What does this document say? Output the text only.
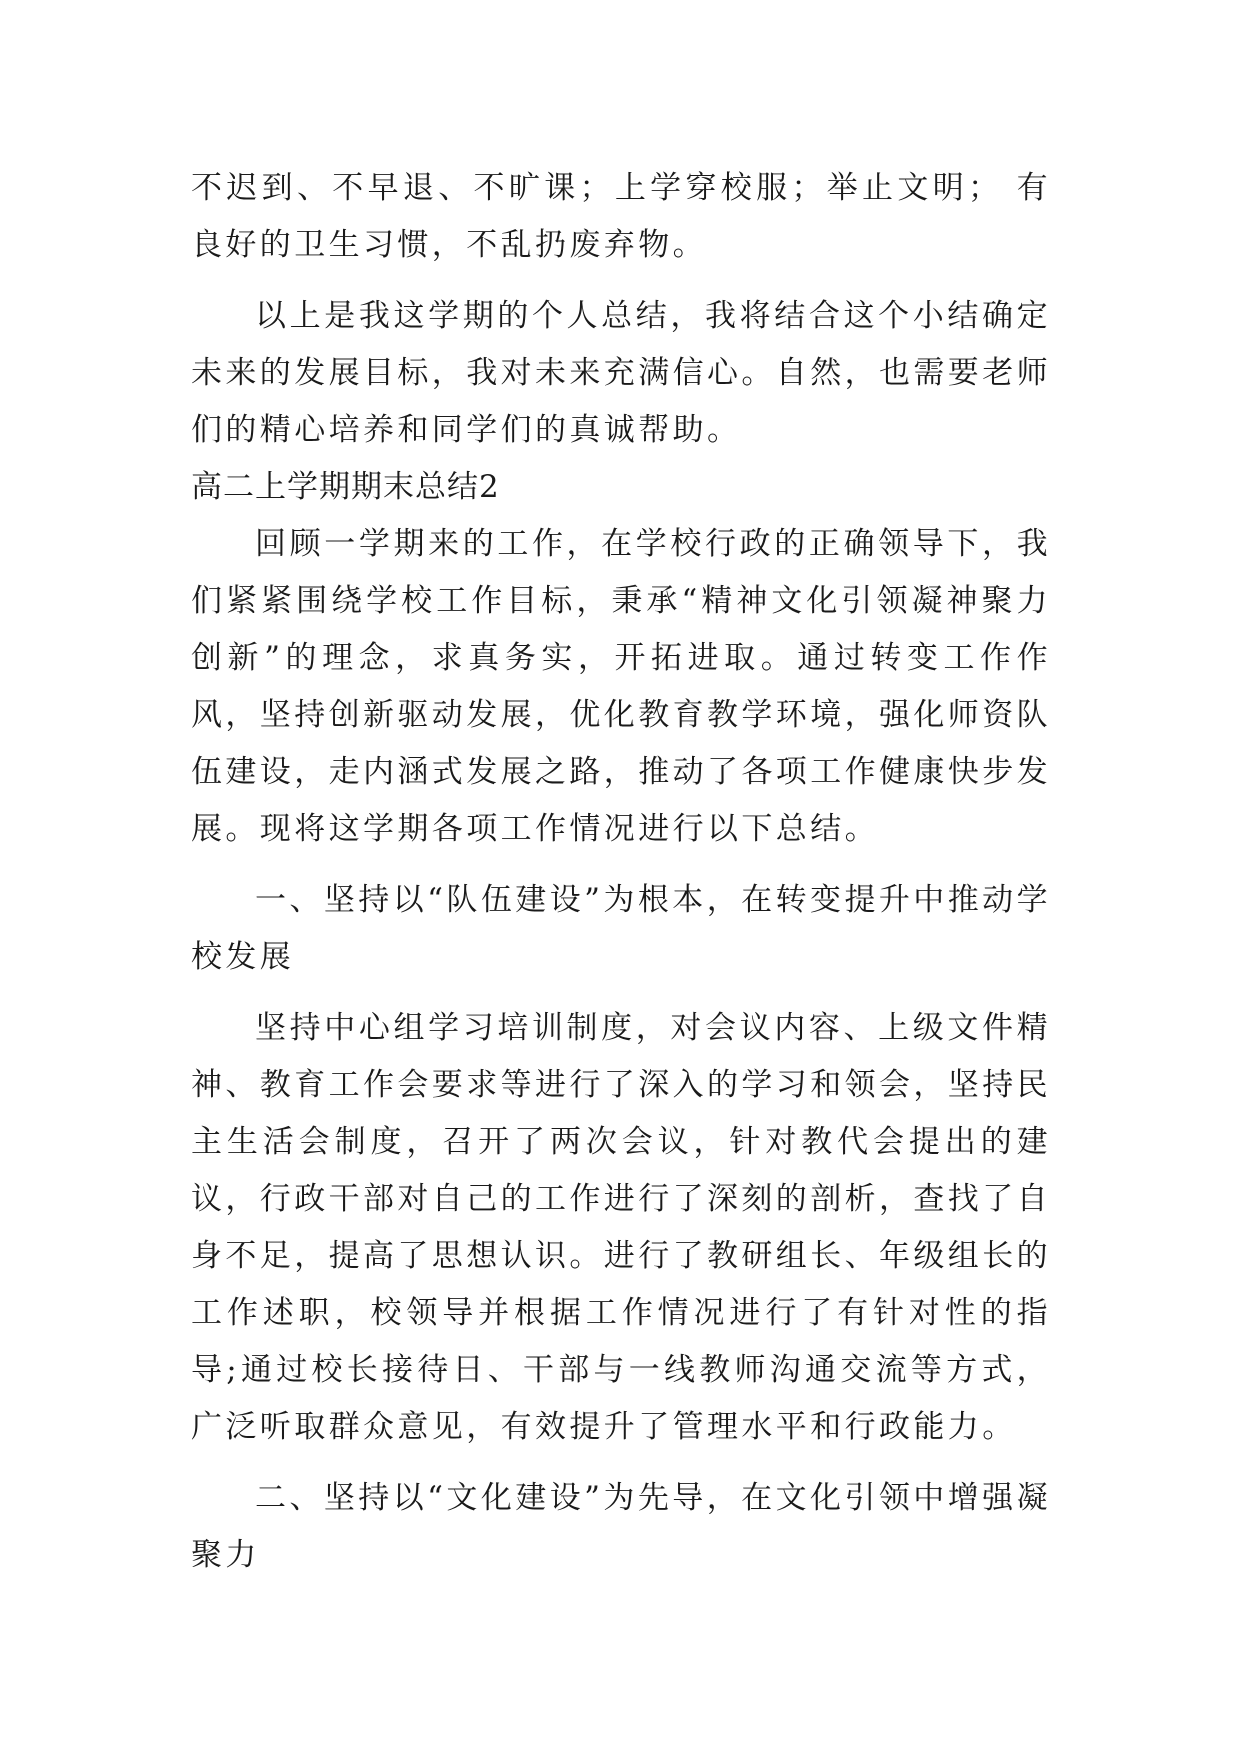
不迟到、不早退、不旷课；上学穿校服；举止文明； 有良好的卫生习惯，不乱扔废弃物。

以上是我这学期的个人总结，我将结合这个小结确定未来的发展目标，我对未来充满信心。自然，也需要老师们的精心培养和同学们的真诚帮助。

高二上学期期末总结2

回顾一学期来的工作，在学校行政的正确领导下，我们紧紧围绕学校工作目标，秉承“精神文化引领凝神聚力创新”的理念，求真务实，开拓进取。通过转变工作作风，坚持创新驱动发展，优化教育教学环境，强化师资队伍建设，走内涵式发展之路，推动了各项工作健康快步发展。现将这学期各项工作情况进行以下总结。

一、坚持以“队伍建设”为根本，在转变提升中推动学校发展

坚持中心组学习培训制度，对会议内容、上级文件精神、教育工作会要求等进行了深入的学习和领会，坚持民主生活会制度，召开了两次会议，针对教代会提出的建议，行政干部对自己的工作进行了深刻的剖析，查找了自身不足，提高了思想认识。进行了教研组长、年级组长的工作述职，校领导并根据工作情况进行了有针对性的指导;通过校长接待日、干部与一线教师沟通交流等方式，广泛听取群众意见，有效提升了管理水平和行政能力。

二、坚持以“文化建设”为先导，在文化引领中增强凝聚力
